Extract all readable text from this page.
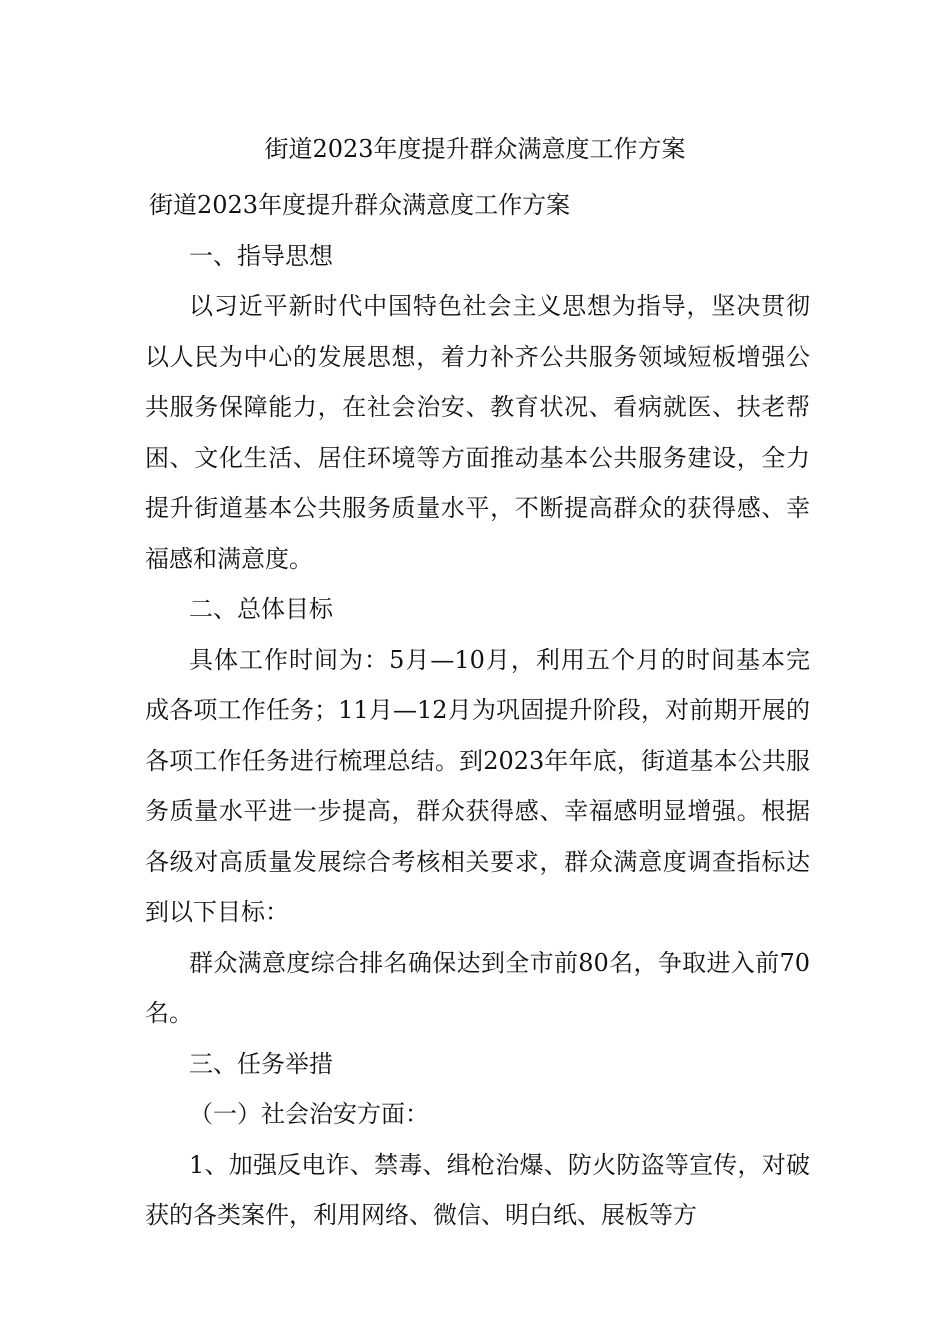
街道2023年度提升群众满意度工作方案

街道2023年度提升群众满意度工作方案

一、指导思想

以习近平新时代中国特色社会主义思想为指导，坚决贯彻以人民为中心的发展思想，着力补齐公共服务领域短板增强公共服务保障能力，在社会治安、教育状况、看病就医、扶老帮困、文化生活、居住环境等方面推动基本公共服务建设，全力提升街道基本公共服务质量水平，不断提高群众的获得感、幸福感和满意度。

二、总体目标

具体工作时间为：5月—10月，利用五个月的时间基本完成各项工作任务；11月—12月为巩固提升阶段，对前期开展的各项工作任务进行梳理总结。到2023年年底，街道基本公共服务质量水平进一步提高，群众获得感、幸福感明显增强。根据各级对高质量发展综合考核相关要求，群众满意度调查指标达到以下目标：

群众满意度综合排名确保达到全市前80名，争取进入前70名。

三、任务举措

（一）社会治安方面：

1、加强反电诈、禁毒、缉枪治爆、防火防盗等宣传，对破获的各类案件，利用网络、微信、明白纸、展板等方
